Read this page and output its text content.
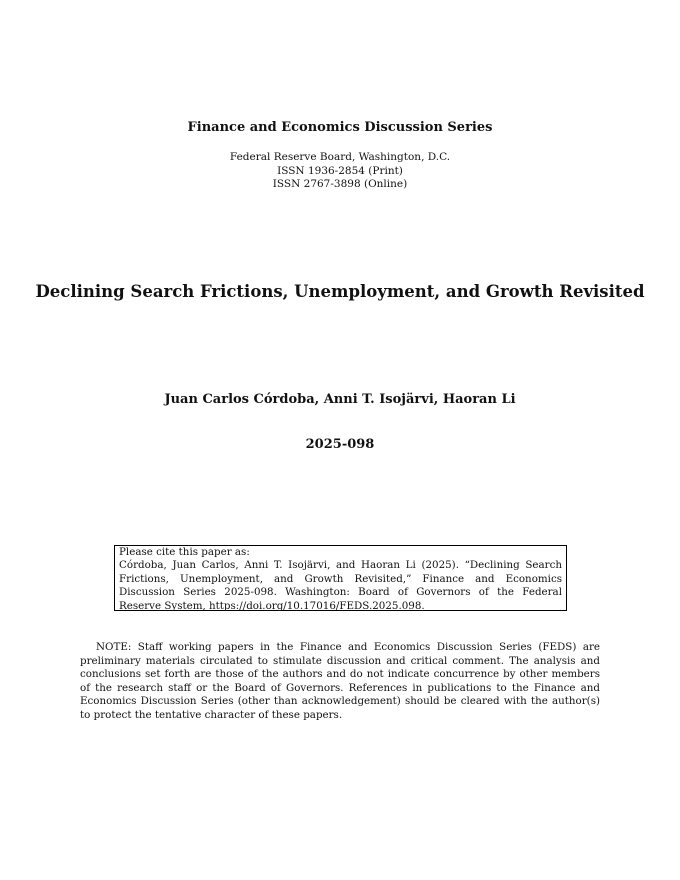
Finance and Economics Discussion Series
Federal Reserve Board, Washington, D.C.
ISSN 1936-2854 (Print)
ISSN 2767-3898 (Online)
Declining Search Frictions, Unemployment, and Growth Revisited
Juan Carlos Córdoba, Anni T. Isojärvi, Haoran Li
2025-098
Please cite this paper as:
Córdoba, Juan Carlos, Anni T. Isojärvi, and Haoran Li (2025). “Declining Search Frictions, Unemployment, and Growth Revisited,” Finance and Economics Discussion Series 2025-098. Washington: Board of Governors of the Federal Reserve System, https://doi.org/10.17016/FEDS.2025.098.
NOTE: Staff working papers in the Finance and Economics Discussion Series (FEDS) are preliminary materials circulated to stimulate discussion and critical comment. The analysis and conclusions set forth are those of the authors and do not indicate concurrence by other members of the research staff or the Board of Governors. References in publications to the Finance and Economics Discussion Series (other than acknowledgement) should be cleared with the author(s) to protect the tentative character of these papers.
